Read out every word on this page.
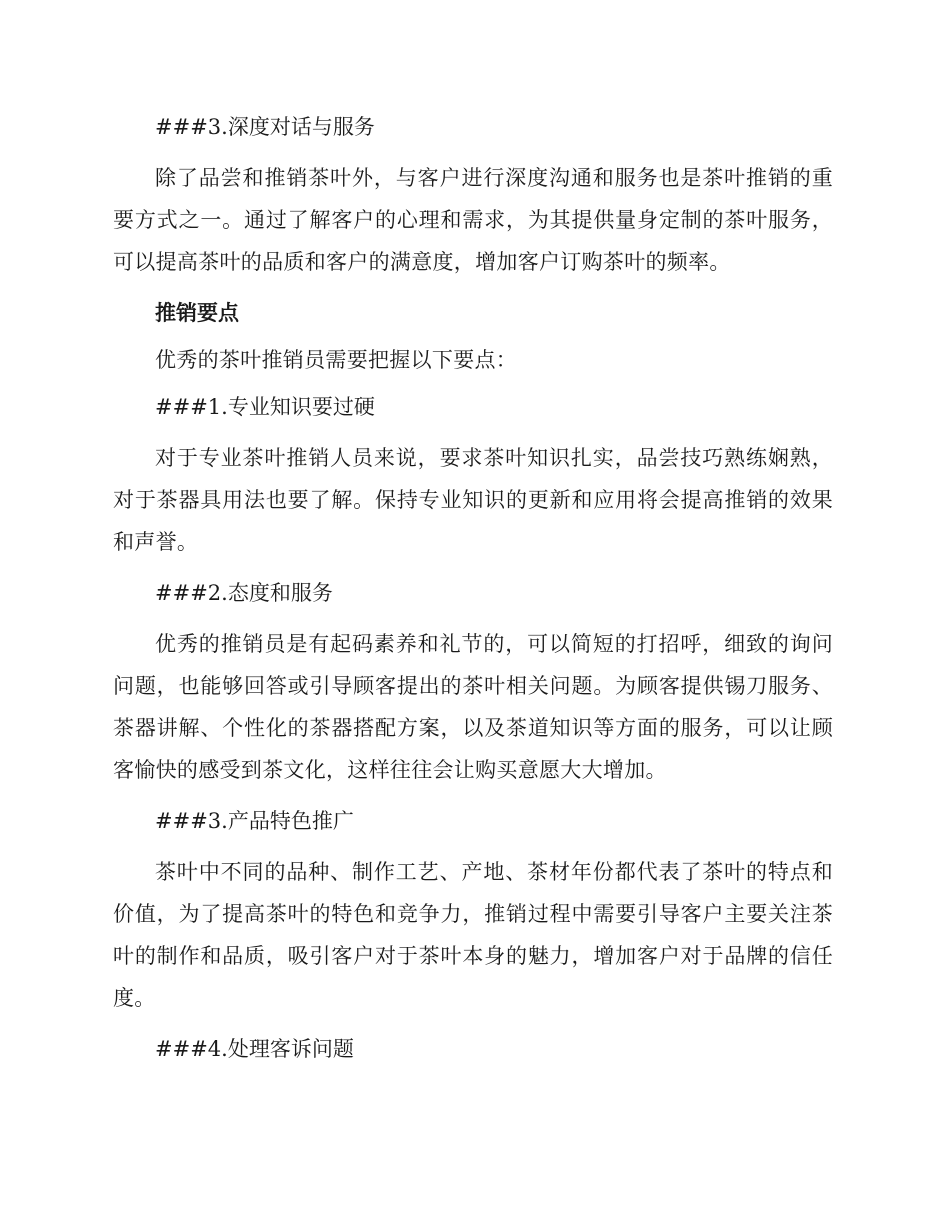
###3.深度对话与服务

除了品尝和推销茶叶外，与客户进行深度沟通和服务也是茶叶推销的重要方式之一。通过了解客户的心理和需求，为其提供量身定制的茶叶服务，可以提高茶叶的品质和客户的满意度，增加客户订购茶叶的频率。

推销要点

优秀的茶叶推销员需要把握以下要点：

###1.专业知识要过硬

对于专业茶叶推销人员来说，要求茶叶知识扎实，品尝技巧熟练娴熟，对于茶器具用法也要了解。保持专业知识的更新和应用将会提高推销的效果和声誉。

###2.态度和服务

优秀的推销员是有起码素养和礼节的，可以简短的打招呼，细致的询问问题，也能够回答或引导顾客提出的茶叶相关问题。为顾客提供锡刀服务、茶器讲解、个性化的茶器搭配方案，以及茶道知识等方面的服务，可以让顾客愉快的感受到茶文化，这样往往会让购买意愿大大增加。

###3.产品特色推广

茶叶中不同的品种、制作工艺、产地、茶材年份都代表了茶叶的特点和价值，为了提高茶叶的特色和竞争力，推销过程中需要引导客户主要关注茶叶的制作和品质，吸引客户对于茶叶本身的魅力，增加客户对于品牌的信任度。

###4.处理客诉问题
